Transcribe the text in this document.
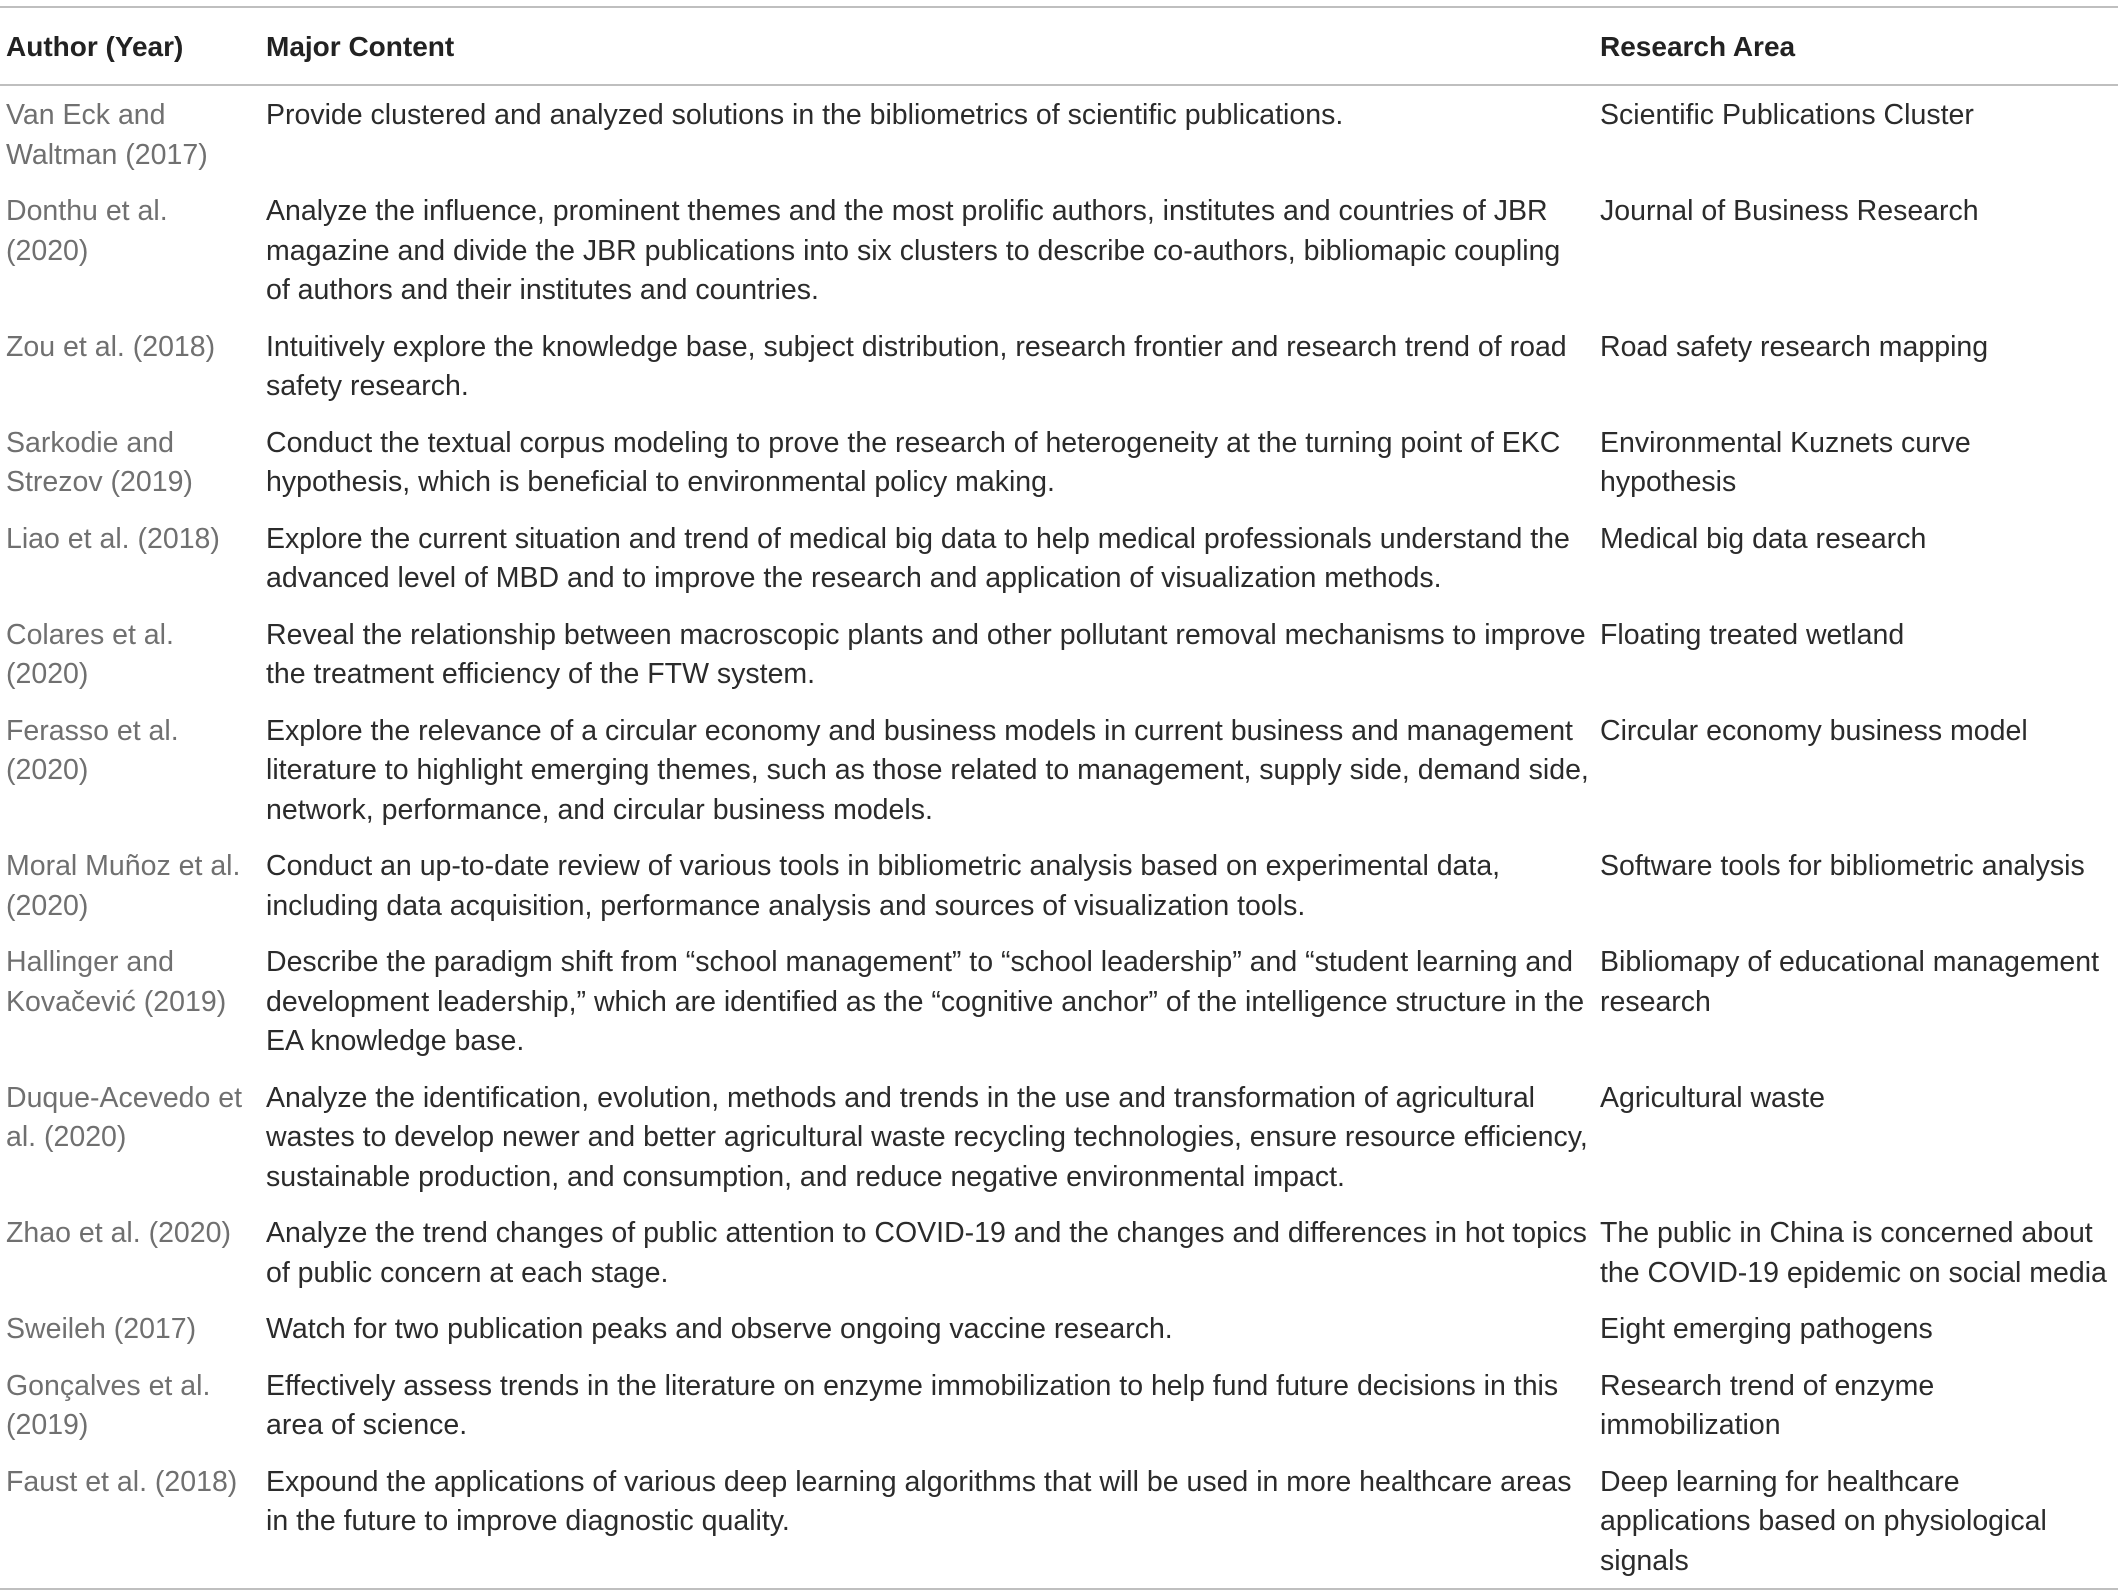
Author (Year)	Major Content	Research Area
Van Eck and Waltman (2017)	Provide clustered and analyzed solutions in the bibliometrics of scientific publications.	Scientific Publications Cluster
Donthu et al. (2020)	Analyze the influence, prominent themes and the most prolific authors, institutes and countries of JBR magazine and divide the JBR publications into six clusters to describe co-authors, bibliomapic coupling of authors and their institutes and countries.	Journal of Business Research
Zou et al. (2018)	Intuitively explore the knowledge base, subject distribution, research frontier and research trend of road safety research.	Road safety research mapping
Sarkodie and Strezov (2019)	Conduct the textual corpus modeling to prove the research of heterogeneity at the turning point of EKC hypothesis, which is beneficial to environmental policy making.	Environmental Kuznets curve hypothesis
Liao et al. (2018)	Explore the current situation and trend of medical big data to help medical professionals understand the advanced level of MBD and to improve the research and application of visualization methods.	Medical big data research
Colares et al. (2020)	Reveal the relationship between macroscopic plants and other pollutant removal mechanisms to improve the treatment efficiency of the FTW system.	Floating treated wetland
Ferasso et al. (2020)	Explore the relevance of a circular economy and business models in current business and management literature to highlight emerging themes, such as those related to management, supply side, demand side, network, performance, and circular business models.	Circular economy business model
Moral Muñoz et al. (2020)	Conduct an up-to-date review of various tools in bibliometric analysis based on experimental data, including data acquisition, performance analysis and sources of visualization tools.	Software tools for bibliometric analysis
Hallinger and Kovačević (2019)	Describe the paradigm shift from “school management” to “school leadership” and “student learning and development leadership,” which are identified as the “cognitive anchor” of the intelligence structure in the EA knowledge base.	Bibliomapy of educational management research
Duque-Acevedo et al. (2020)	Analyze the identification, evolution, methods and trends in the use and transformation of agricultural wastes to develop newer and better agricultural waste recycling technologies, ensure resource efficiency, sustainable production, and consumption, and reduce negative environmental impact.	Agricultural waste
Zhao et al. (2020)	Analyze the trend changes of public attention to COVID-19 and the changes and differences in hot topics of public concern at each stage.	The public in China is concerned about the COVID-19 epidemic on social media
Sweileh (2017)	Watch for two publication peaks and observe ongoing vaccine research.	Eight emerging pathogens
Gonçalves et al. (2019)	Effectively assess trends in the literature on enzyme immobilization to help fund future decisions in this area of science.	Research trend of enzyme immobilization
Faust et al. (2018)	Expound the applications of various deep learning algorithms that will be used in more healthcare areas in the future to improve diagnostic quality.	Deep learning for healthcare applications based on physiological signals
